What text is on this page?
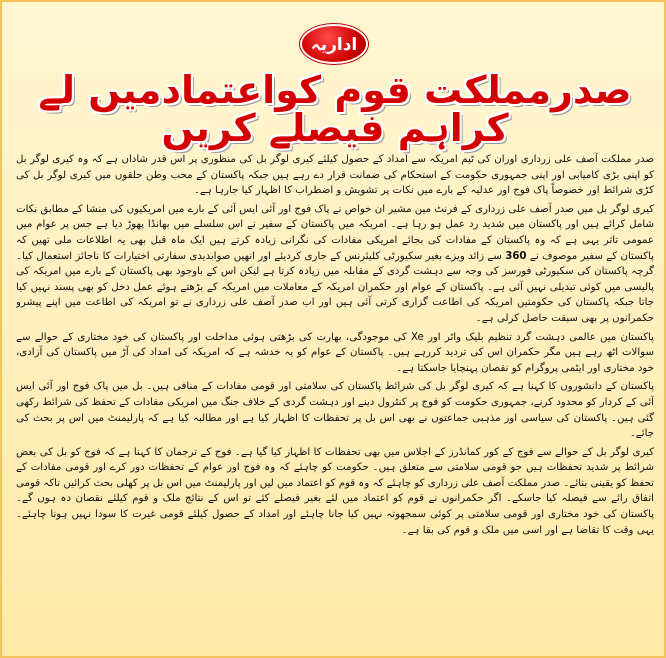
اداریہ
صدرمملکت قوم کواعتمادمیں لے کراہم فیصلے کریں

صدر مملکت آصف علی زرداری اوران کی ٹیم امریکہ سے امداد کے حصول کیلئے کیری لوگر بل کی منظوری پر اس قدر شاداں ہے کہ وہ کیری لوگر بل کو اپنی بڑی کامیابی اور اپنی جمہوری حکومت کے استحکام کی ضمانت قرار دے رہے ہیں جبکہ پاکستان کے محب وطن حلقوں میں کیری لوگر بل کی کڑی شرائط اور خصوصاً پاک فوج اور عدلیہ کے بارے میں نکات پر تشویش و اضطراب کا اظہار کیا جارہا ہے۔

کیری لوگر بل میں صدر آصف علی زرداری کے فرنٹ مین مشیر ان خواص نے پاک فوج اور آئی ایس آئی کے بارے میں امریکیوں کی منشا کے مطابق نکات شامل کرائے ہیں اور پاکستان میں شدید رد عمل ہو رہا ہے۔ امریکہ میں پاکستان کے سفیر نے اس سلسلے میں بھانڈا پھوڑ دیا ہے جس پر عوام میں عمومی تاثر یہی ہے کہ وہ پاکستان کے مفادات کی بجائے امریکی مفادات کی نگرانی زیادہ کرتے ہیں ایک ماہ قبل بھی یہ اطلاعات ملی تھیں کہ پاکستان کے سفیر موصوف نے 360 سے زائد ویزے بغیر سکیورٹی کلیئرنس کے جاری کردیئے اور انھیں صوابدیدی سفارتی اختیارات کا ناجائز استعمال کیا۔ گرچہ پاکستان کی سکیورٹی فورسز کی وجہ سے دہشت گردی کے مقابلہ میں زیادہ کرتا ہے لیکن اس کے باوجود بھی پاکستان کے بارے میں امریکہ کی پالیسی میں کوئی تبدیلی نہیں آئی ہے۔ پاکستان کے عوام اور حکمران امریکہ کے معاملات میں امریکہ کے بڑھتے ہوئے عمل دخل کو بھی پسند نہیں کیا جاتا جبکہ پاکستان کی حکومتیں امریکہ کی اطاعت گزاری کرتی آئی ہیں اور اب صدر آصف علی زرداری نے تو امریکہ کی اطاعت میں اپنے پیشرو حکمرانوں پر بھی سبقت حاصل کرلی ہے۔

پاکستان میں عالمی دہشت گرد تنظیم بلیک واٹر اور Xe کی موجودگی، بھارت کی بڑھتی ہوئی مداخلت اور پاکستان کی خود مختاری کے حوالے سے سوالات اٹھ رہے ہیں مگر حکمران اس کی تردید کررہے ہیں۔ پاکستان کے عوام کو یہ خدشہ ہے کہ امریکہ کی امداد کی آڑ میں پاکستان کی آزادی، خود مختاری اور ایٹمی پروگرام کو نقصان پہنچایا جاسکتا ہے۔

پاکستان کے دانشوروں کا کہنا ہے کہ کیری لوگر بل کی شرائط پاکستان کی سلامتی اور قومی مفادات کے منافی ہیں۔ بل میں پاک فوج اور آئی ایس آئی کے کردار کو محدود کرنے، جمہوری حکومت کو فوج پر کنٹرول دینے اور دہشت گردی کے خلاف جنگ میں امریکی مفادات کے تحفظ کی شرائط رکھی گئی ہیں۔ پاکستان کی سیاسی اور مذہبی جماعتوں نے بھی اس بل پر تحفظات کا اظہار کیا ہے اور مطالبہ کیا ہے کہ پارلیمنٹ میں اس پر بحث کی جائے۔

کیری لوگر بل کے حوالے سے فوج کے کور کمانڈرز کے اجلاس میں بھی تحفظات کا اظہار کیا گیا ہے۔ فوج کے ترجمان کا کہنا ہے کہ فوج کو بل کی بعض شرائط پر شدید تحفظات ہیں جو قومی سلامتی سے متعلق ہیں۔ حکومت کو چاہئے کہ وہ فوج اور عوام کے تحفظات دور کرے اور قومی مفادات کے تحفظ کو یقینی بنائے۔ صدر مملکت آصف علی زرداری کو چاہئے کہ وہ قوم کو اعتماد میں لیں اور پارلیمنٹ میں اس بل پر کھلی بحث کرائیں تاکہ قومی اتفاق رائے سے فیصلہ کیا جاسکے۔ اگر حکمرانوں نے قوم کو اعتماد میں لئے بغیر فیصلے کئے تو اس کے نتائج ملک و قوم کیلئے نقصان دہ ہوں گے۔ پاکستان کی خود مختاری اور قومی سلامتی پر کوئی سمجھوتہ نہیں کیا جانا چاہئے اور امداد کے حصول کیلئے قومی غیرت کا سودا نہیں ہونا چاہئے۔ یہی وقت کا تقاضا ہے اور اسی میں ملک و قوم کی بقا ہے۔
